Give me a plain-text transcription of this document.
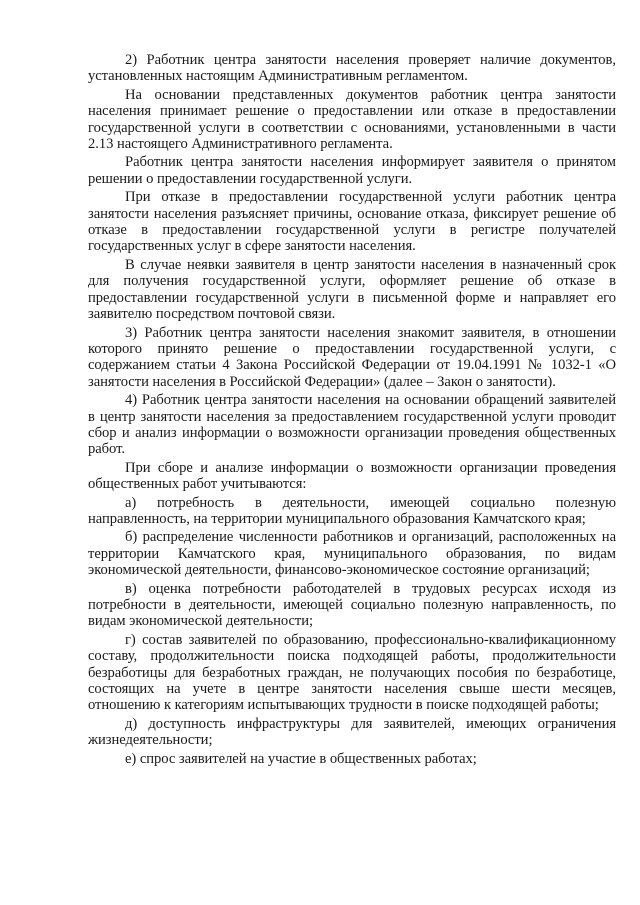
2) Работник центра занятости населения проверяет наличие документов, установленных настоящим Административным регламентом.

На основании представленных документов работник центра занятости населения принимает решение о предоставлении или отказе в предоставлении государственной услуги в соответствии с основаниями, установленными в части 2.13 настоящего Административного регламента.

Работник центра занятости населения информирует заявителя о принятом решении о предоставлении государственной услуги.

При отказе в предоставлении государственной услуги работник центра занятости населения разъясняет причины, основание отказа, фиксирует решение об отказе в предоставлении государственной услуги в регистре получателей государственных услуг в сфере занятости населения.

В случае неявки заявителя в центр занятости населения в назначенный срок для получения государственной услуги, оформляет решение об отказе в предоставлении государственной услуги в письменной форме и направляет его заявителю посредством почтовой связи.

3) Работник центра занятости населения знакомит заявителя, в отношении которого принято решение о предоставлении государственной услуги, с содержанием статьи 4 Закона Российской Федерации от 19.04.1991 № 1032-1 «О занятости населения в Российской Федерации» (далее – Закон о занятости).

4) Работник центра занятости населения на основании обращений заявителей в центр занятости населения за предоставлением государственной услуги проводит сбор и анализ информации о возможности организации проведения общественных работ.

При сборе и анализе информации о возможности организации проведения общественных работ учитываются:

а) потребность в деятельности, имеющей социально полезную направленность, на территории муниципального образования Камчатского края;

б) распределение численности работников и организаций, расположенных на территории Камчатского края, муниципального образования, по видам экономической деятельности, финансово-экономическое состояние организаций;

в) оценка потребности работодателей в трудовых ресурсах исходя из потребности в деятельности, имеющей социально полезную направленность, по видам экономической деятельности;

г) состав заявителей по образованию, профессионально-квалификационному составу, продолжительности поиска подходящей работы, продолжительности безработицы для безработных граждан, не получающих пособия по безработице, состоящих на учете в центре занятости населения свыше шести месяцев, отношению к категориям испытывающих трудности в поиске подходящей работы;

д) доступность инфраструктуры для заявителей, имеющих ограничения жизнедеятельности;

е) спрос заявителей на участие в общественных работах;
